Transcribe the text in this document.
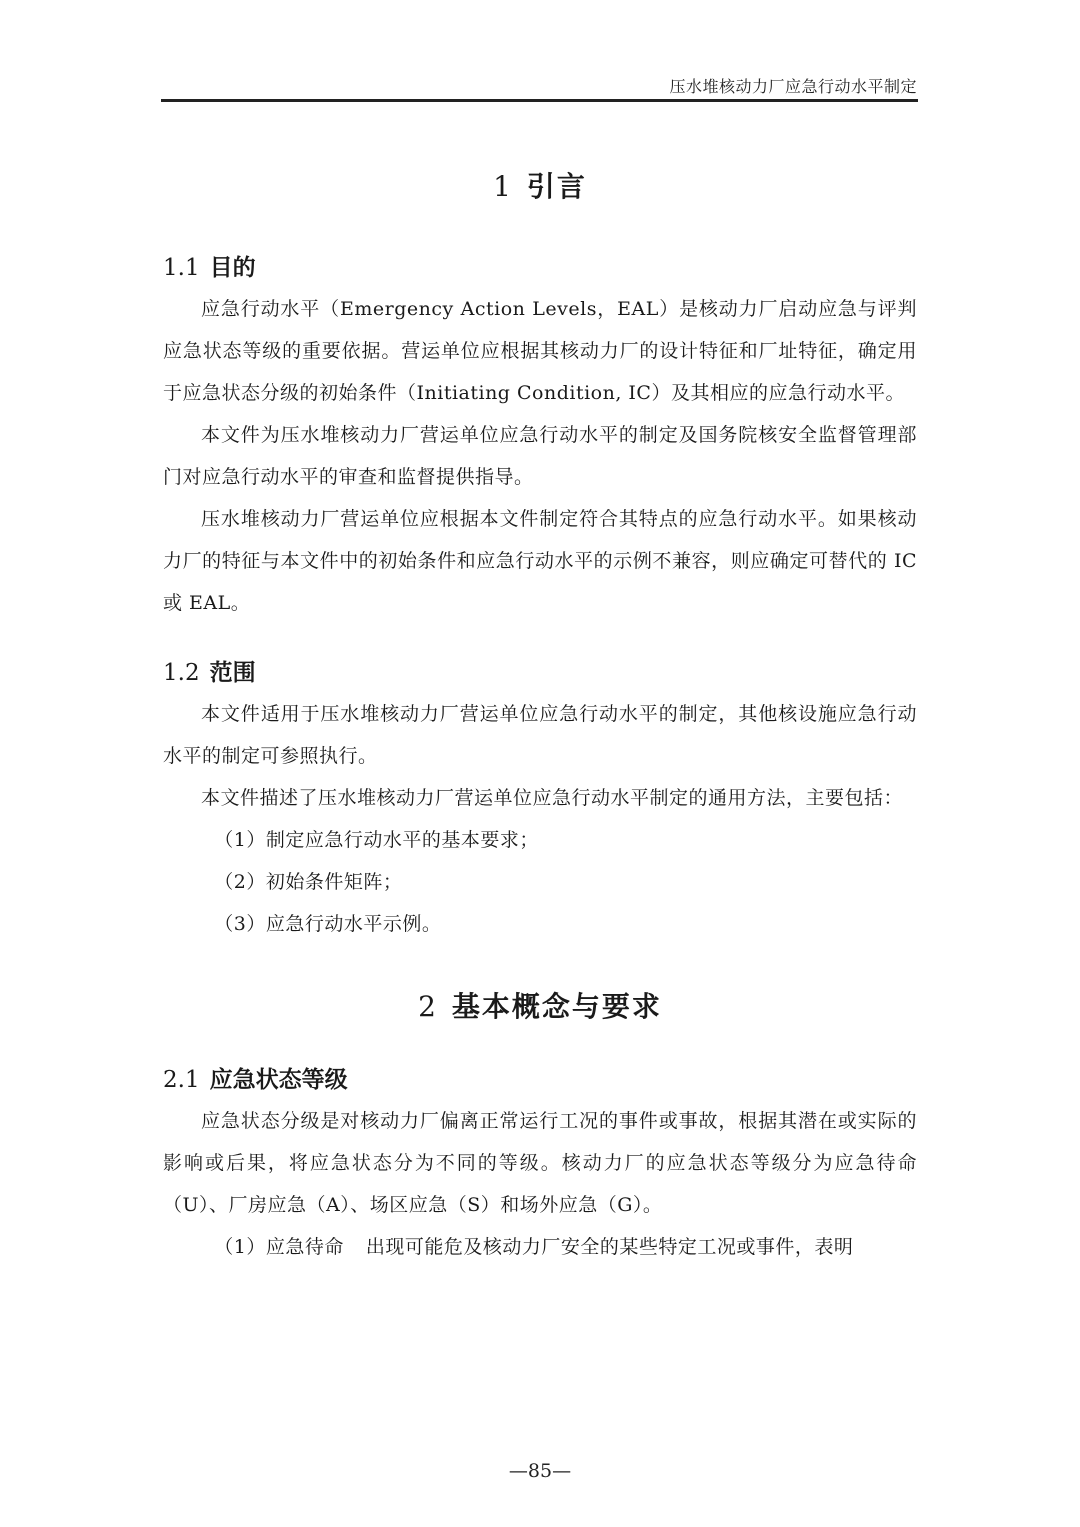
压水堆核动力厂应急行动水平制定
1 引言
1.1 目的

应急行动水平（Emergency Action Levels，EAL）是核动力厂启动应急与评判应急状态等级的重要依据。营运单位应根据其核动力厂的设计特征和厂址特征，确定用于应急状态分级的初始条件（Initiating Condition, IC）及其相应的应急行动水平。

本文件为压水堆核动力厂营运单位应急行动水平的制定及国务院核安全监督管理部门对应急行动水平的审查和监督提供指导。

压水堆核动力厂营运单位应根据本文件制定符合其特点的应急行动水平。如果核动力厂的特征与本文件中的初始条件和应急行动水平的示例不兼容，则应确定可替代的 IC 或 EAL。

1.2 范围

本文件适用于压水堆核动力厂营运单位应急行动水平的制定，其他核设施应急行动水平的制定可参照执行。

本文件描述了压水堆核动力厂营运单位应急行动水平制定的通用方法，主要包括：

（1）制定应急行动水平的基本要求；
（2）初始条件矩阵；
（3）应急行动水平示例。
2 基本概念与要求
2.1 应急状态等级

应急状态分级是对核动力厂偏离正常运行工况的事件或事故，根据其潜在或实际的影响或后果，将应急状态分为不同的等级。核动力厂的应急状态等级分为应急待命（U）、厂房应急（A）、场区应急（S）和场外应急（G）。

（1）应急待命 出现可能危及核动力厂安全的某些特定工况或事件，表明
—85—
